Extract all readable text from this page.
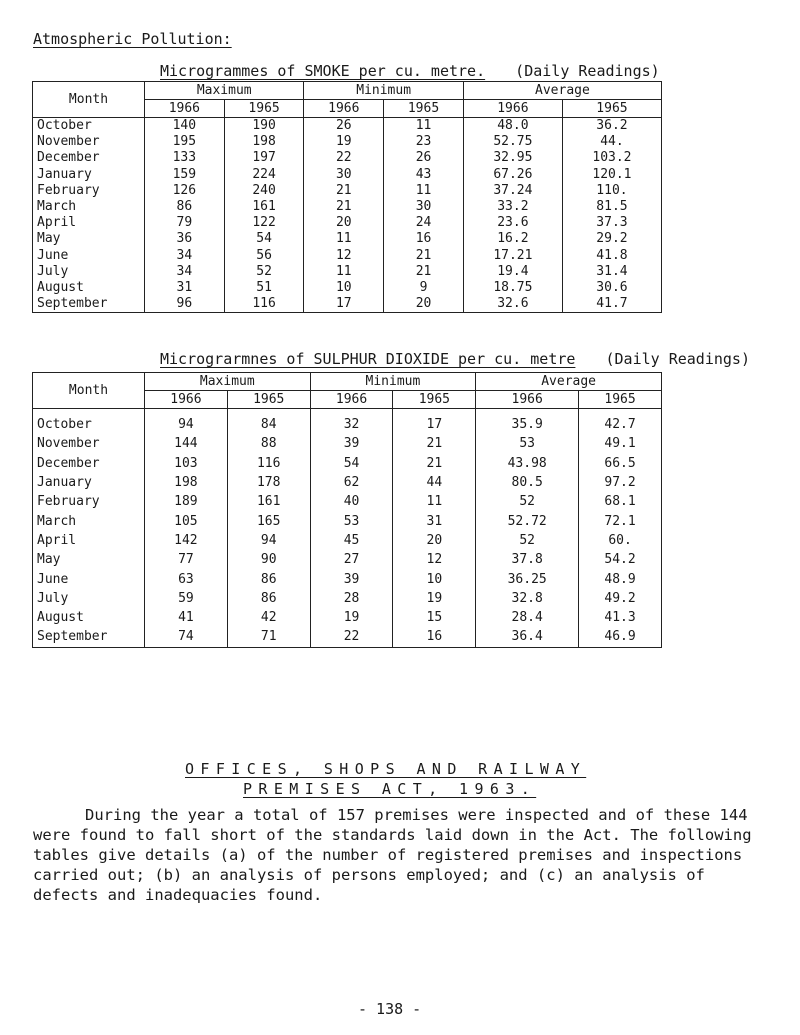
Atmospheric Pollution:
Microgrammes of SMOKE per cu. metre. (Daily Readings)
Month	Maximum		Minimum		Average	
	1966	1965	1966	1965	1966	1965
October	140	190	26	11	48.0	36.2
November	195	198	19	23	52.75	44.
December	133	197	22	26	32.95	103.2
January	159	224	30	43	67.26	120.1
February	126	240	21	11	37.24	110.
March	86	161	21	30	33.2	81.5
April	79	122	20	24	23.6	37.3
May	36	54	11	16	16.2	29.2
June	34	56	12	21	17.21	41.8
July	34	52	11	21	19.4	31.4
August	31	51	10	9	18.75	30.6
September	96	116	17	20	32.6	41.7
Micrograrmnes of SULPHUR DIOXIDE per cu. metre (Daily Readings)
Month	Maximum		Minimum		Average	
	1966	1965	1966	1965	1966	1965
October	94	84	32	17	35.9	42.7
November	144	88	39	21	53	49.1
December	103	116	54	21	43.98	66.5
January	198	178	62	44	80.5	97.2
February	189	161	40	11	52	68.1
March	105	165	53	31	52.72	72.1
April	142	94	45	20	52	60.
May	77	90	27	12	37.8	54.2
June	63	86	39	10	36.25	48.9
July	59	86	28	19	32.8	49.2
August	41	42	19	15	28.4	41.3
September	74	71	22	16	36.4	46.9
OFFICES, SHOPS AND RAILWAY
PREMISES ACT, 1963.

During the year a total of 157 premises were inspected and of these 144 were found to fall short of the standards laid down in the Act. The following tables give details (a) of the number of registered premises and inspections carried out; (b) an analysis of persons employed; and (c) an analysis of defects and inadequacies found.

- 138 -
